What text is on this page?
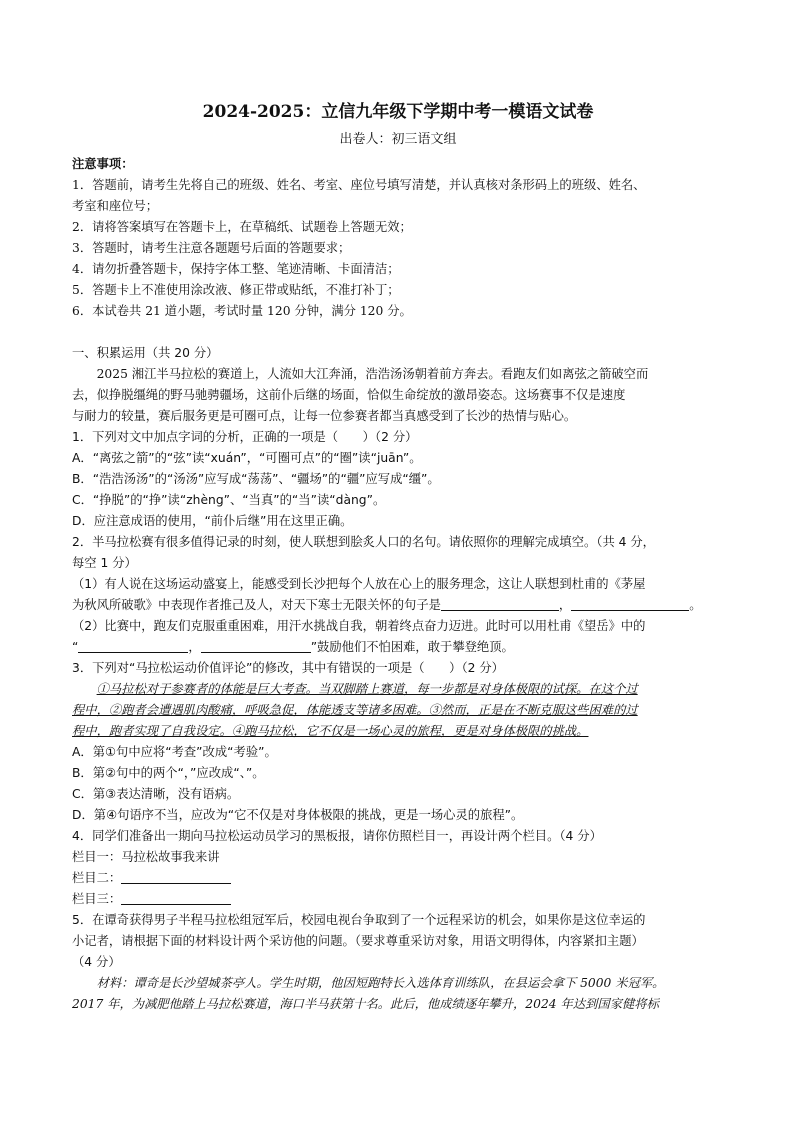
2024-2025：立信九年级下学期中考一模语文试卷
出卷人：初三语文组
注意事项：
1．答题前，请考生先将自己的班级、姓名、考室、座位号填写清楚，并认真核对条形码上的班级、姓名、
考室和座位号；
2．请将答案填写在答题卡上，在草稿纸、试题卷上答题无效；
3．答题时，请考生注意各题题号后面的答题要求；
4．请勿折叠答题卡，保持字体工整、笔迹清晰、卡面清洁；
5．答题卡上不准使用涂改液、修正带或贴纸，不准打补丁；
6．本试卷共 21 道小题，考试时量 120 分钟，满分 120 分。
一、积累运用（共 20 分）
2025 湘江半马拉松的赛道上，人流如大江奔涌，浩浩汤汤朝着前方奔去。看跑友们如离弦之箭破空而
去，似挣脱缰绳的野马驰骋疆场，这前仆后继的场面，恰似生命绽放的激昂姿态。这场赛事不仅是速度
与耐力的较量，赛后服务更是可圈可点，让每一位参赛者都当真感受到了长沙的热情与贴心。
1．下列对文中加点字词的分析，正确的一项是（　　）（2 分）
A．“离弦之箭”的“弦”读“xuán”，“可圈可点”的“圈”读“juān”。
B．“浩浩汤汤”的“汤汤”应写成“荡荡”、“疆场”的“疆”应写成“缰”。
C．“挣脱”的“挣”读“zhèng”、“当真”的“当”读“dàng”。
D．应注意成语的使用，“前仆后继”用在这里正确。
2．半马拉松赛有很多值得记录的时刻，使人联想到脍炙人口的名句。请依照你的理解完成填空。（共 4 分，
每空 1 分）
（1）有人说在这场运动盛宴上，能感受到长沙把每个人放在心上的服务理念，这让人联想到杜甫的《茅屋
为秋风所破歌》中表现作者推己及人，对天下寒士无限关怀的句子是	，	。
（2）比赛中，跑友们克服重重困难，用汗水挑战自我，朝着终点奋力迈进。此时可以用杜甫《望岳》中的
“	，	”鼓励他们不怕困难，敢于攀登绝顶。
3．下列对“马拉松运动价值评论”的修改，其中有错误的一项是（　　）（2 分）
①马拉松对于参赛者的体能是巨大考查。当双脚踏上赛道，每一步都是对身体极限的试探。在这个过
程中，②跑者会遭遇肌肉酸痛，呼吸急促，体能透支等诸多困难。③然而，正是在不断克服这些困难的过
程中，跑者实现了自我设定。④跑马拉松，它不仅是一场心灵的旅程，更是对身体极限的挑战。
A．第①句中应将“考查”改成“考验”。
B．第②句中的两个“，”应改成“、”。
C．第③表达清晰，没有语病。
D．第④句语序不当，应改为“它不仅是对身体极限的挑战，更是一场心灵的旅程”。
4．同学们准备出一期向马拉松运动员学习的黑板报，请你仿照栏目一，再设计两个栏目。（4 分）
栏目一：马拉松故事我来讲
栏目二：
栏目三：
5．在谭奇获得男子半程马拉松组冠军后，校园电视台争取到了一个远程采访的机会，如果你是这位幸运的
小记者，请根据下面的材料设计两个采访他的问题。（要求尊重采访对象，用语文明得体，内容紧扣主题）
（4 分）
材料：谭奇是长沙望城茶亭人。学生时期，他因短跑特长入选体育训练队，在县运会拿下 5000 米冠军。
2017 年，为减肥他踏上马拉松赛道，海口半马获第十名。此后，他成绩逐年攀升，2024 年达到国家健将标
